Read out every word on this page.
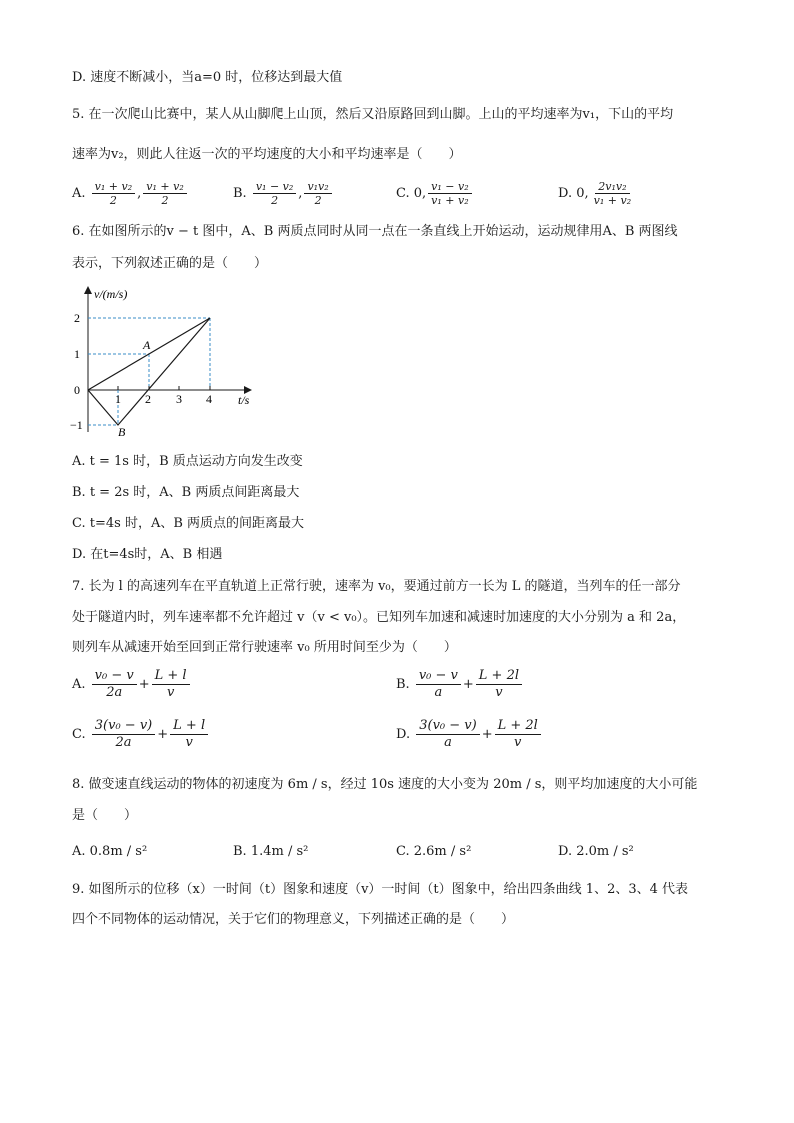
D. 速度不断减小，当a=0 时，位移达到最大值
5. 在一次爬山比赛中，某人从山脚爬上山顶，然后又沿原路回到山脚。上山的平均速率为v₁，下山的平均
速率为v₂，则此人往返一次的平均速度的大小和平均速率是（　　）
A. $\frac{\text{v₁ + v₂}}{2}$ , $\frac{\text{v₁ + v₂}}{2}$	B. $\frac{\text{v₁ − v₂}}{2}$ , $\frac{\text{v₁v₂}}{2}$	C. 0, $\frac{\text{v₁ − v₂}}{\text{v₁ + v₂}}$	D. 0, $\frac{\text{2v₁v₂}}{\text{v₁ + v₂}}$
6. 在如图所示的v − t 图中，A、B 两质点同时从同一点在一条直线上开始运动，运动规律用A、B 两图线
表示，下列叙述正确的是（　　）
v/(m/s)
t/s
2
1
0
−1
1 2 3 4
A
B
A. t = 1s 时，B 质点运动方向发生改变
B. t = 2s 时，A、B 两质点间距离最大
C. t=4s 时，A、B 两质点的间距离最大
D. 在t=4s时，A、B 相遇
7. 长为 l 的高速列车在平直轨道上正常行驶，速率为 v₀，要通过前方一长为 L 的隧道，当列车的任一部分
处于隧道内时，列车速率都不允许超过 v（v < v₀）。已知列车加速和减速时加速度的大小分别为 a 和 2a，
则列车从减速开始至回到正常行驶速率 v₀ 所用时间至少为（　　）
A. $\frac{\text{v₀ − v}}{2a} + \frac{L + l}{v}$	B. $\frac{\text{v₀ − v}}{a} + \frac{L + 2l}{v}$
C. $\frac{\text{3(v₀ − v)}}{2a} + \frac{L + l}{v}$	D. $\frac{\text{3(v₀ − v)}}{a} + \frac{L + 2l}{v}$
8. 做变速直线运动的物体的初速度为 6m / s，经过 10s 速度的大小变为 20m / s，则平均加速度的大小可能
是（　　）
A. 0.8m / s²	B. 1.4m / s²	C. 2.6m / s²	D. 2.0m / s²
9. 如图所示的位移（x）一时间（t）图象和速度（v）一时间（t）图象中，给出四条曲线 1、2、3、4 代表
四个不同物体的运动情况，关于它们的物理意义，下列描述正确的是（　　）
